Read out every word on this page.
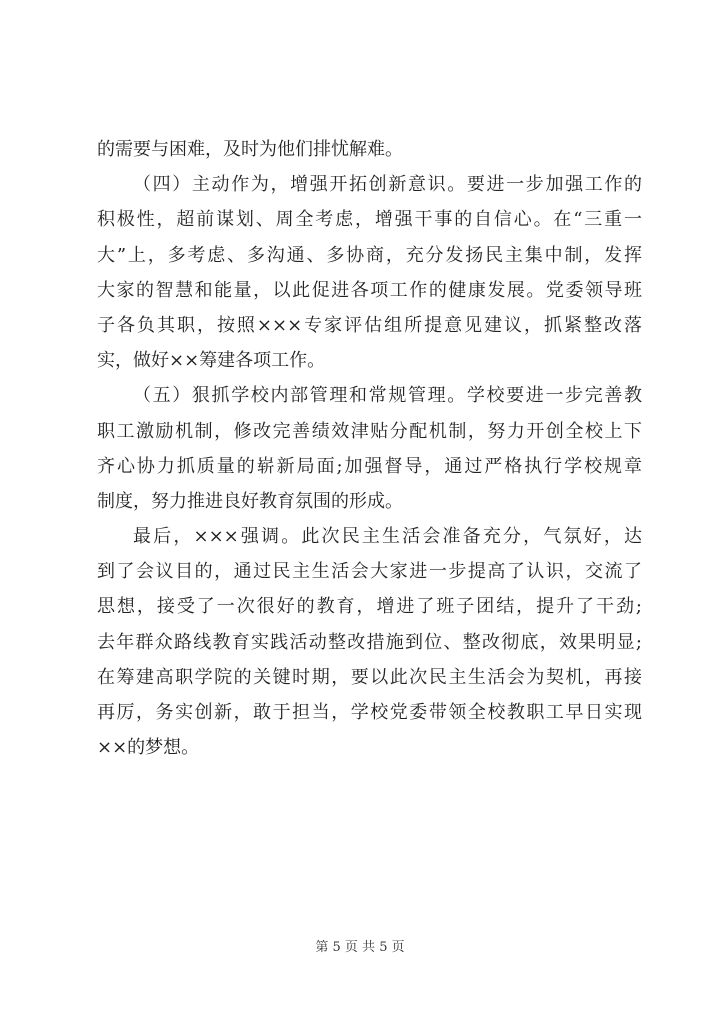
的需要与困难，及时为他们排忧解难。
（四）主动作为，增强开拓创新意识。要进一步加强工作的
积极性，超前谋划、周全考虑，增强干事的自信心。在“三重一
大”上，多考虑、多沟通、多协商，充分发扬民主集中制，发挥
大家的智慧和能量，以此促进各项工作的健康发展。党委领导班
子各负其职，按照×××专家评估组所提意见建议，抓紧整改落
实，做好××筹建各项工作。
（五）狠抓学校内部管理和常规管理。学校要进一步完善教
职工激励机制，修改完善绩效津贴分配机制，努力开创全校上下
齐心协力抓质量的崭新局面;加强督导，通过严格执行学校规章
制度，努力推进良好教育氛围的形成。
最后，×××强调。此次民主生活会准备充分，气氛好，达
到了会议目的，通过民主生活会大家进一步提高了认识，交流了
思想，接受了一次很好的教育，增进了班子团结，提升了干劲;
去年群众路线教育实践活动整改措施到位、整改彻底，效果明显;
在筹建高职学院的关键时期，要以此次民主生活会为契机，再接
再厉，务实创新，敢于担当，学校党委带领全校教职工早日实现
××的梦想。
第 5 页 共 5 页
